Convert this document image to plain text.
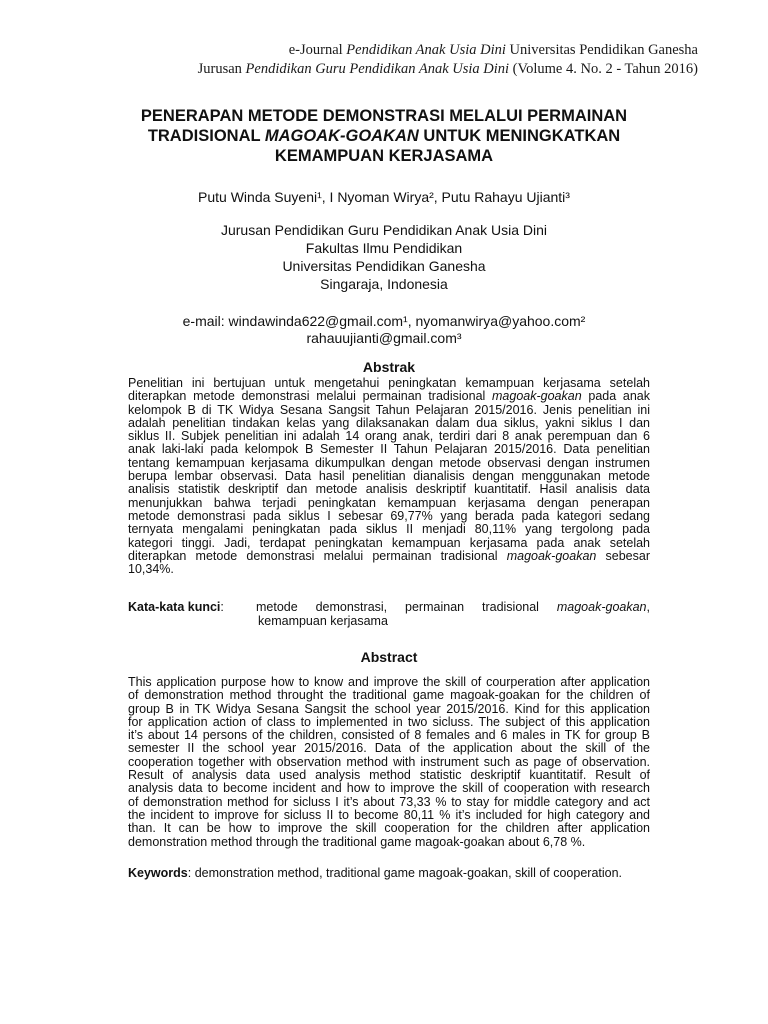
e-Journal Pendidikan Anak Usia Dini Universitas Pendidikan Ganesha
Jurusan Pendidikan Guru Pendidikan Anak Usia Dini (Volume 4. No. 2 - Tahun 2016)
PENERAPAN METODE DEMONSTRASI MELALUI PERMAINAN
TRADISIONAL MAGOAK-GOAKAN UNTUK MENINGKATKAN
KEMAMPUAN KERJASAMA
Putu Winda Suyeni¹, I Nyoman Wirya², Putu Rahayu Ujianti³
Jurusan Pendidikan Guru Pendidikan Anak Usia Dini
Fakultas Ilmu Pendidikan
Universitas Pendidikan Ganesha
Singaraja, Indonesia
e-mail: windawinda622@gmail.com¹, nyomanwirya@yahoo.com²
rahauujianti@gmail.com³
Abstrak
Penelitian ini bertujuan untuk mengetahui peningkatan kemampuan kerjasama setelah
diterapkan metode demonstrasi melalui permainan tradisional magoak-goakan pada anak
kelompok B di TK Widya Sesana Sangsit Tahun Pelajaran 2015/2016. Jenis penelitian ini
adalah penelitian tindakan kelas yang dilaksanakan dalam dua siklus, yakni siklus I dan
siklus II. Subjek penelitian ini adalah 14 orang anak, terdiri dari 8 anak perempuan dan 6
anak laki-laki pada kelompok B Semester II Tahun Pelajaran 2015/2016. Data penelitian
tentang kemampuan kerjasama dikumpulkan dengan metode observasi dengan instrumen
berupa lembar observasi. Data hasil penelitian dianalisis dengan menggunakan metode
analisis statistik deskriptif dan metode analisis deskriptif kuantitatif. Hasil analisis data
menunjukkan bahwa terjadi peningkatan kemampuan kerjasama dengan penerapan
metode demonstrasi pada siklus I sebesar 69,77% yang berada pada kategori sedang
ternyata mengalami peningkatan pada siklus II menjadi 80,11% yang tergolong pada
kategori tinggi. Jadi, terdapat peningkatan kemampuan kerjasama pada anak setelah
diterapkan metode demonstrasi melalui permainan tradisional magoak-goakan sebesar
10,34%.
Kata-kata kunci:	metode demonstrasi, permainan tradisional magoak-goakan,
kemampuan kerjasama
Abstract
This application purpose how to know and improve the skill of courperation after application
of demonstration method throught the traditional game magoak-goakan for the children of
group B in TK Widya Sesana Sangsit the school year 2015/2016. Kind for this application
for application action of class to implemented in two sicluss. The subject of this application
it’s about 14 persons of the children, consisted of 8 females and 6 males in TK for group B
semester II the school year 2015/2016. Data of the application about the skill of the
cooperation together with observation method with instrument such as page of observation.
Result of analysis data used analysis method statistic deskriptif kuantitatif. Result of
analysis data to become incident and how to improve the skill of cooperation with research
of demonstration method for sicluss I it’s about 73,33 % to stay for middle category and act
the incident to improve for sicluss II to become 80,11 % it’s included for high category and
than. It can be how to improve the skill cooperation for the children after application
demonstration method through the traditional game magoak-goakan about 6,78 %.
Keywords: demonstration method, traditional game magoak-goakan, skill of cooperation.
